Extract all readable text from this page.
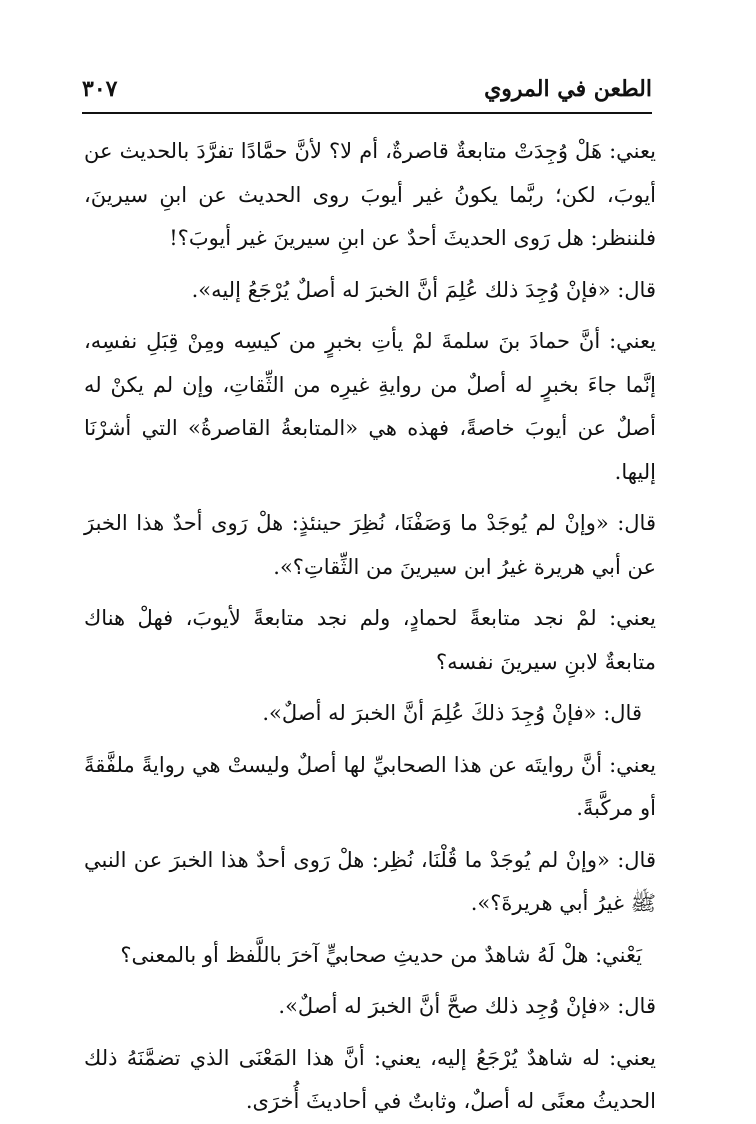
الطعن في المروي
٣٠٧

يعني: هَلْ وُجِدَتْ متابعةٌ قاصرةٌ، أم لا؟ لأنَّ حمَّادًا تفرَّدَ بالحديث عن أيوبَ، لكن؛ ربَّما يكونُ غير أيوبَ روى الحديث عن ابنِ سيرينَ، فلننظر: هل رَوى الحديثَ أحدٌ عن ابنِ سيرينَ غير أيوبَ؟!

قال: «فإنْ وُجِدَ ذلك عُلِمَ أنَّ الخبرَ له أصلٌ يُرْجَعُ إليه».

يعني: أنَّ حمادَ بنَ سلمةَ لمْ يأتِ بخبرٍ من كيسِه ومِنْ قِبَلِ نفسِه، إنَّما جاءَ بخبرٍ له أصلٌ من روايةِ غيرِه من الثِّقاتِ، وإن لم يكنْ له أصلٌ عن أيوبَ خاصةً، فهذه هي «المتابعةُ القاصرةُ» التي أشرْنَا إليها.

قال: «وإنْ لم يُوجَدْ ما وَصَفْنَا، نُظِرَ حينئذٍ: هلْ رَوى أحدٌ هذا الخبرَ عن أبي هريرة غيرُ ابن سيرينَ من الثِّقاتِ؟».

يعني: لمْ نجد متابعةً لحمادٍ، ولم نجد متابعةً لأيوبَ، فهلْ هناك متابعةٌ لابنِ سيرينَ نفسه؟

قال: «فإنْ وُجِدَ ذلكَ عُلِمَ أنَّ الخبرَ له أصلٌ».

يعني: أنَّ روايتَه عن هذا الصحابيِّ لها أصلٌ وليستْ هي روايةً ملفَّقةً أو مركَّبةً.

قال: «وإنْ لم يُوجَدْ ما قُلْنَا، نُظِر: هلْ رَوى أحدٌ هذا الخبرَ عن النبي ﷺ غيرُ أبي هريرةَ؟».

يَعْني: هلْ لَهُ شاهدٌ من حديثِ صحابيٍّ آخرَ باللَّفظ أو بالمعنى؟

قال: «فإنْ وُجِد ذلك صحَّ أنَّ الخبرَ له أصلٌ».

يعني: له شاهدٌ يُرْجَعُ إليه، يعني: أنَّ هذا المَعْنَى الذي تضمَّنَهُ ذلك الحديثُ معنًى له أصلٌ، وثابتٌ في أحاديثَ أُخرَى.
